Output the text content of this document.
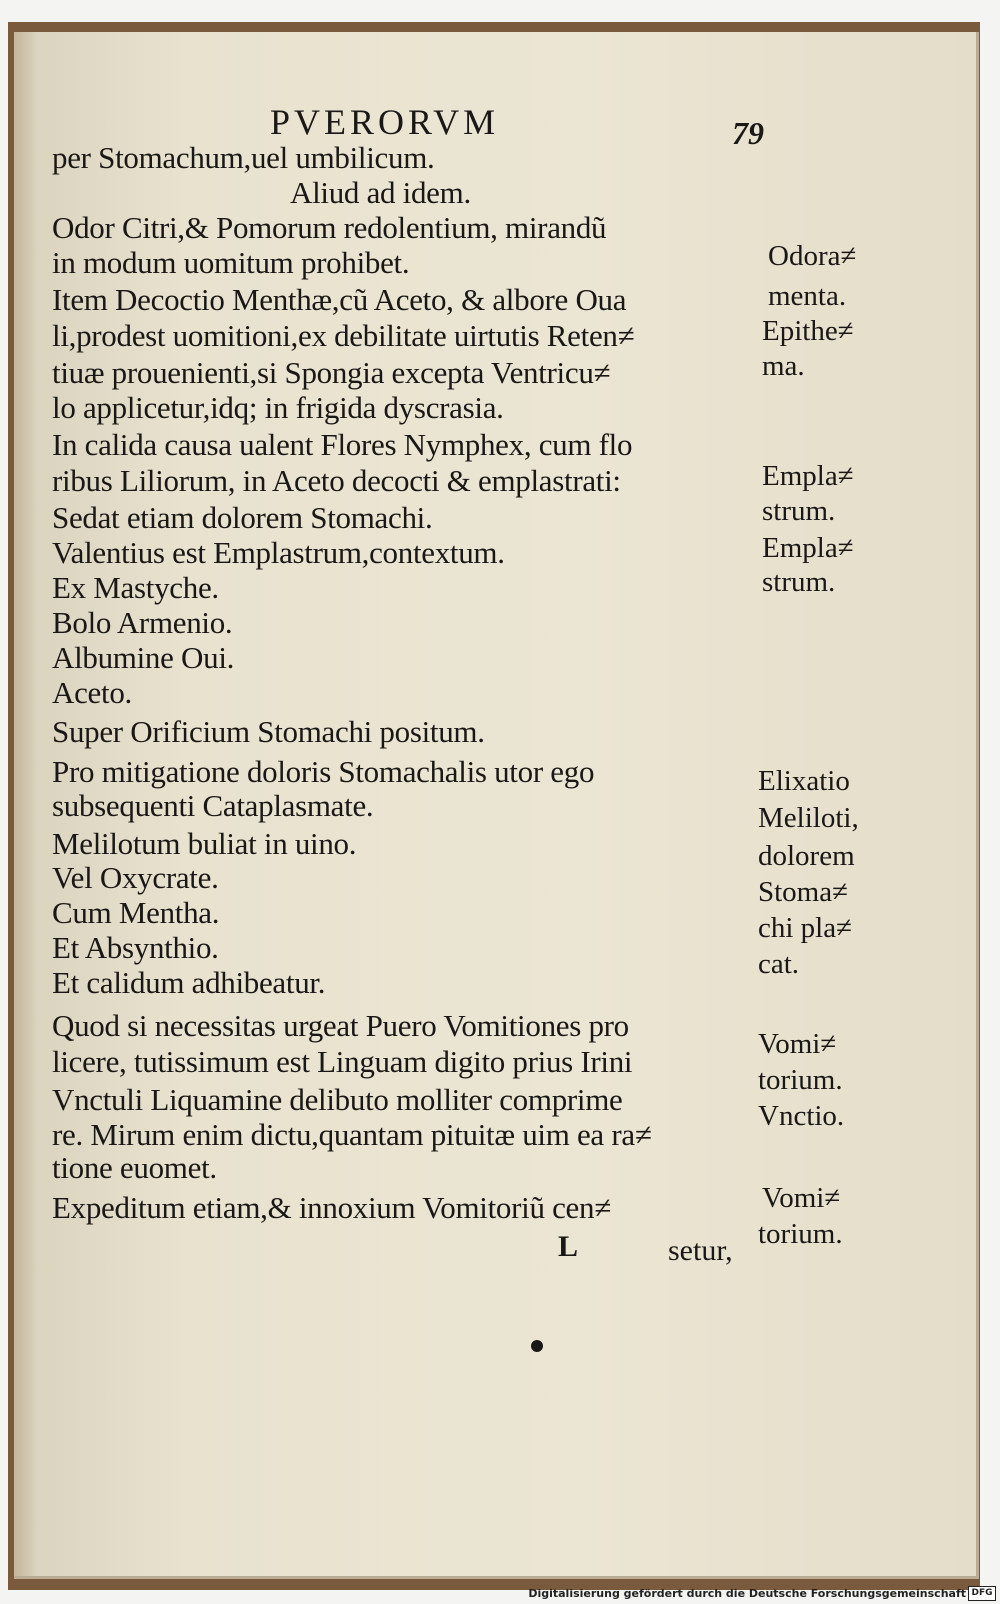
PVERORVM	79
per Stomachum,uel umbilicum.
Aliud ad idem.
Odor Citri,& Pomorum redolentium, mirandũ
in modum uomitum prohibet.
Item Decoctio Menthæ,cũ Aceto, & albore Oua
li,prodest uomitioni,ex debilitate uirtutis Reten≠
tiuæ prouenienti,si Spongia excepta Ventricu≠
lo applicetur,idq; in frigida dyscrasia.
In calida causa ualent Flores Nymphex, cum flo
ribus Liliorum, in Aceto decocti & emplastrati:
Sedat etiam dolorem Stomachi.
Valentius est Emplastrum,contextum.
Ex Mastyche.
Bolo Armenio.
Albumine Oui.
Aceto.
Super Orificium Stomachi positum.
Pro mitigatione doloris Stomachalis utor ego
subsequenti Cataplasmate.
Melilotum buliat in uino.
Vel Oxycrate.
Cum Mentha.
Et Absynthio.
Et calidum adhibeatur.
Quod si necessitas urgeat Puero Vomitiones pro
licere, tutissimum est Linguam digito prius Irini
Vnctuli Liquamine delibuto molliter comprime
re. Mirum enim dictu,quantam pituitæ uim ea ra≠
tione euomet.
Expeditum etiam,& innoxium Vomitoriũ cen≠
Odora≠
menta.
Epithe≠
ma.
Empla≠
strum.
Empla≠
strum.
Elixatio
Meliloti,
dolorem
Stoma≠
chi pla≠
cat.
Vomi≠
torium.
Vnctio.
Vomi≠
torium.
L	setur,
Digitalisierung gefördert durch die Deutsche Forschungsgemeinschaft DFG
